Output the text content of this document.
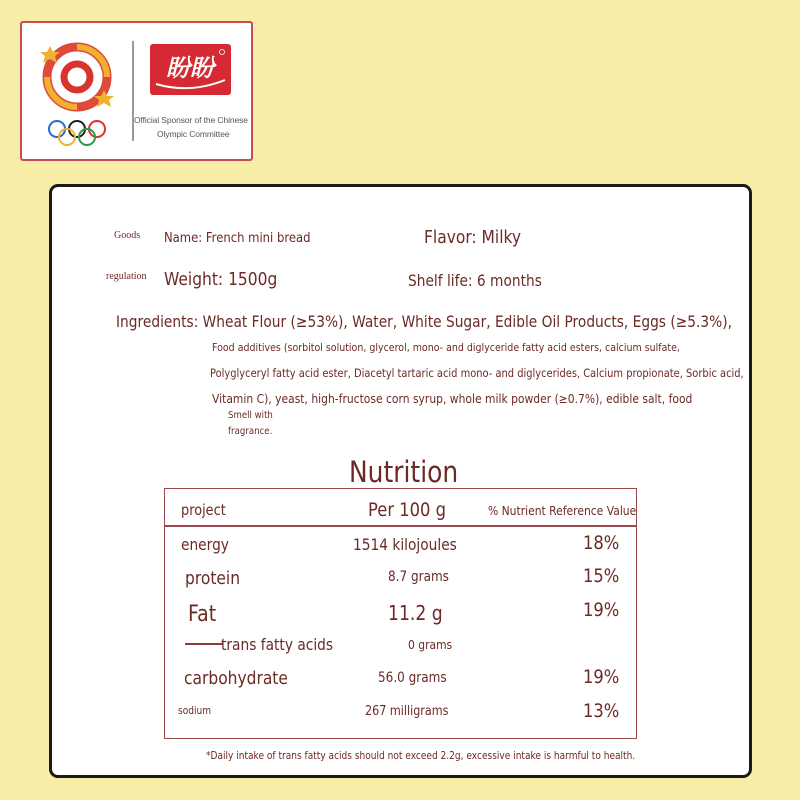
盼盼
Official Sponsor of the Chinese
Olympic Committee
Goods Name: French mini bread	Flavor: Milky
regulation Weight: 1500g	Shelf life: 6 months
Ingredients: Wheat Flour (≥53%), Water, White Sugar, Edible Oil Products, Eggs (≥5.3%),
Food additives (sorbitol solution, glycerol, mono- and diglyceride fatty acid esters, calcium sulfate,
Polyglyceryl fatty acid ester, Diacetyl tartaric acid mono- and diglycerides, Calcium propionate, Sorbic acid,
Vitamin C), yeast, high-fructose corn syrup, whole milk powder (≥0.7%), edible salt, food
Smell with
fragrance.
Nutrition
project	Per 100 g	% Nutrient Reference Value
energy	1514 kilojoules	18%
protein	8.7 grams	15%
Fat	11.2 g	19%
trans fatty acids	0 grams
carbohydrate	56.0 grams	19%
sodium	267 milligrams	13%
*Daily intake of trans fatty acids should not exceed 2.2g, excessive intake is harmful to health.
